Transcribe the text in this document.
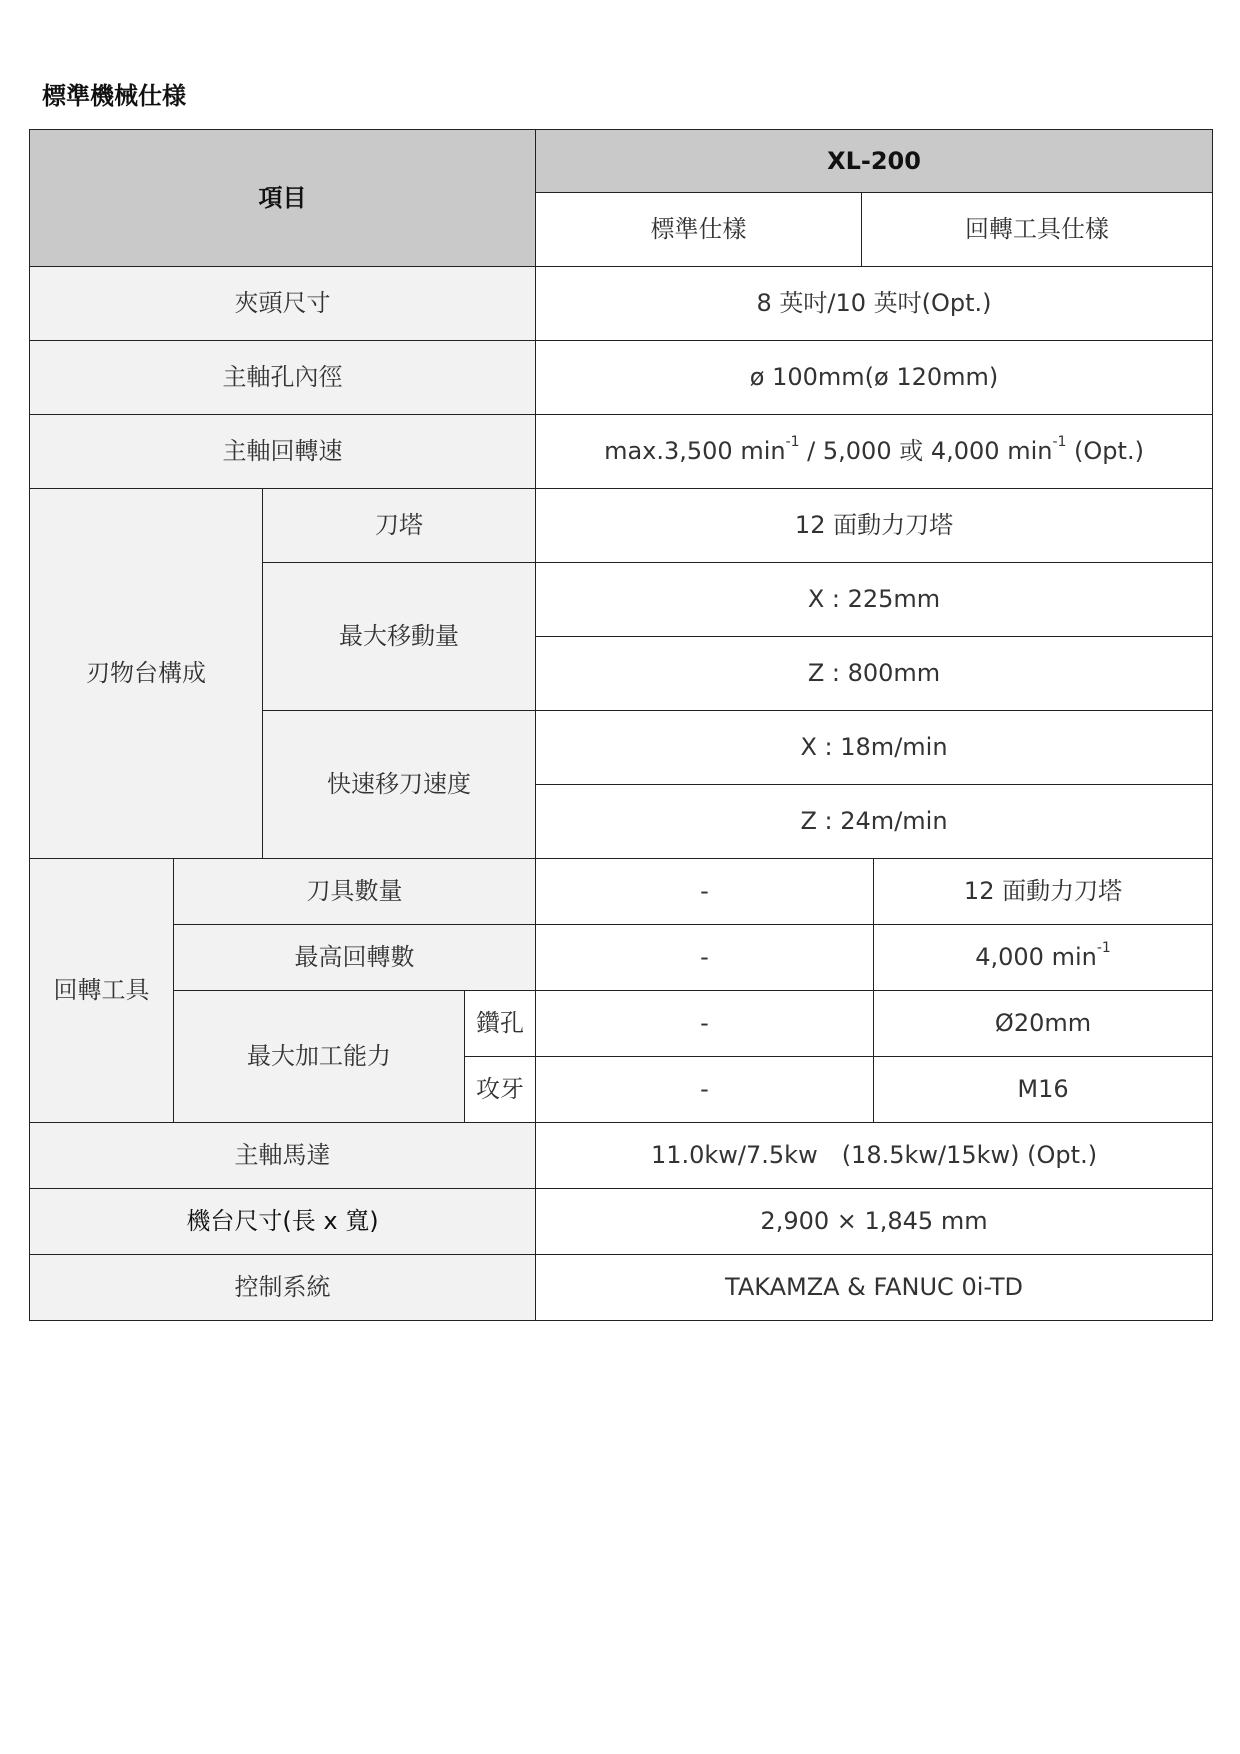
標準機械仕様
項目				XL-200		
				標準仕樣	回轉工具仕樣	
夾頭尺寸				8 英吋/10 英吋(Opt.)		
主軸孔內徑				ø 100mm(ø 120mm)		
主軸回轉速				max.3,500 $\min^{-1} / 5,000$ 或 4,000 $\min^{-1} (Opt.)$		
刃物台構成		刀塔		12 面動力刀塔		
		最大移動量		X : 225mm		
				Z : 800mm		
		快速移刀速度		X : 18m/min		
				Z : 24m/min		
回轉工具	刀具數量			-		12 面動力刀塔
	最高回轉數			-		4,000 $\min^{-1}$
	最大加工能力		鑽孔	-		Ø20mm
			攻牙	-		M16
主軸馬達				11.0kw/7.5kw　(18.5kw/15kw) (Opt.)		
機台尺寸(長 x 寬)				2,900 × 1,845 mm		
控制系統				TAKAMZA & FANUC 0i-TD		
